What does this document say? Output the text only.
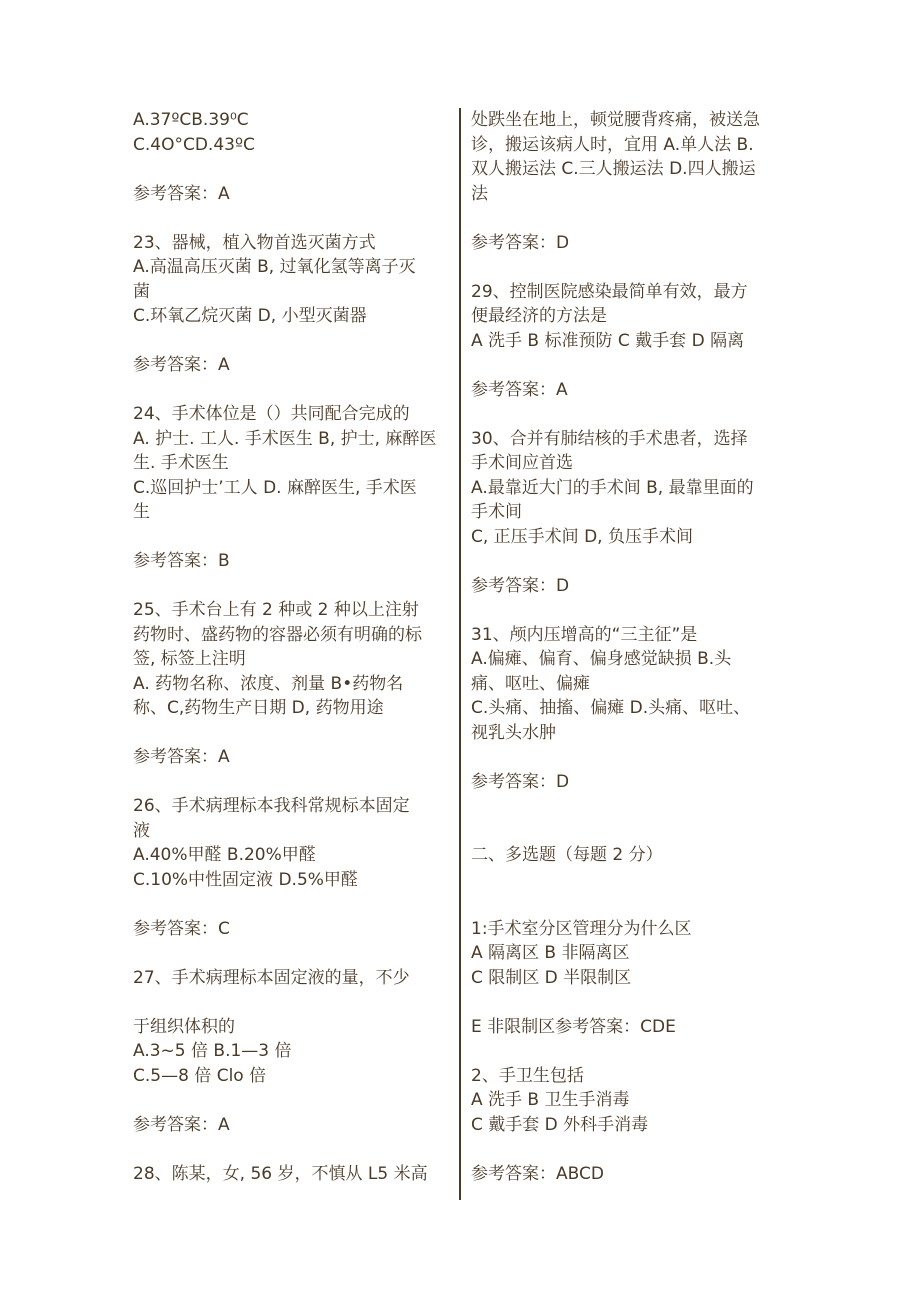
A.37ºCB.39⁰C
C.4O°CD.43ºC
参考答案：A
23、器械，植入物首选灭菌方式
A.高温高压灭菌 B, 过氧化氢等离子灭
菌
C.环氧乙烷灭菌 D, 小型灭菌器
参考答案：A
24、手术体位是（）共同配合完成的
A. 护士. 工人. 手术医生 B, 护士, 麻醉医
生. 手术医生
C.巡回护士’工人 D. 麻醉医生, 手术医
生
参考答案：B
25、手术台上有 2 种或 2 种以上注射
药物时、盛药物的容器必须有明确的标
签, 标签上注明
A. 药物名称、浓度、剂量 B•药物名
称、C,药物生产日期 D, 药物用途
参考答案：A
26、手术病理标本我科常规标本固定
液
A.40%甲醛 B.20%甲醛
C.10%中性固定液 D.5%甲醛
参考答案：C
27、手术病理标本固定液的量，不少
于组织体积的
A.3~5 倍 B.1—3 倍
C.5—8 倍 Clo 倍
参考答案：A
28、陈某，女, 56 岁，不慎从 L5 米高
处跌坐在地上，顿觉腰背疼痛，被送急
诊，搬运该病人时，宜用 A.单人法 B.
双人搬运法 C.三人搬运法 D.四人搬运
法
参考答案：D
29、控制医院感染最简单有效，最方
便最经济的方法是
A 洗手 B 标准预防 C 戴手套 D 隔离
参考答案：A
30、合并有肺结核的手术患者，选择
手术间应首选
A.最靠近大门的手术间 B, 最靠里面的
手术间
C, 正压手术间 D, 负压手术间
参考答案：D
31、颅内压增高的“三主征”是
A.偏瘫、偏育、偏身感觉缺损 B.头
痛、呕吐、偏瘫
C.头痛、抽搐、偏瘫 D.头痛、呕吐、
视乳头水肿
参考答案：D
二、多选题（每题 2 分）
1:手术室分区管理分为什么区
A 隔离区 B 非隔离区
C 限制区 D 半限制区
E 非限制区参考答案：CDE
2、手卫生包括
A 洗手 B 卫生手消毒
C 戴手套 D 外科手消毒
参考答案：ABCD
